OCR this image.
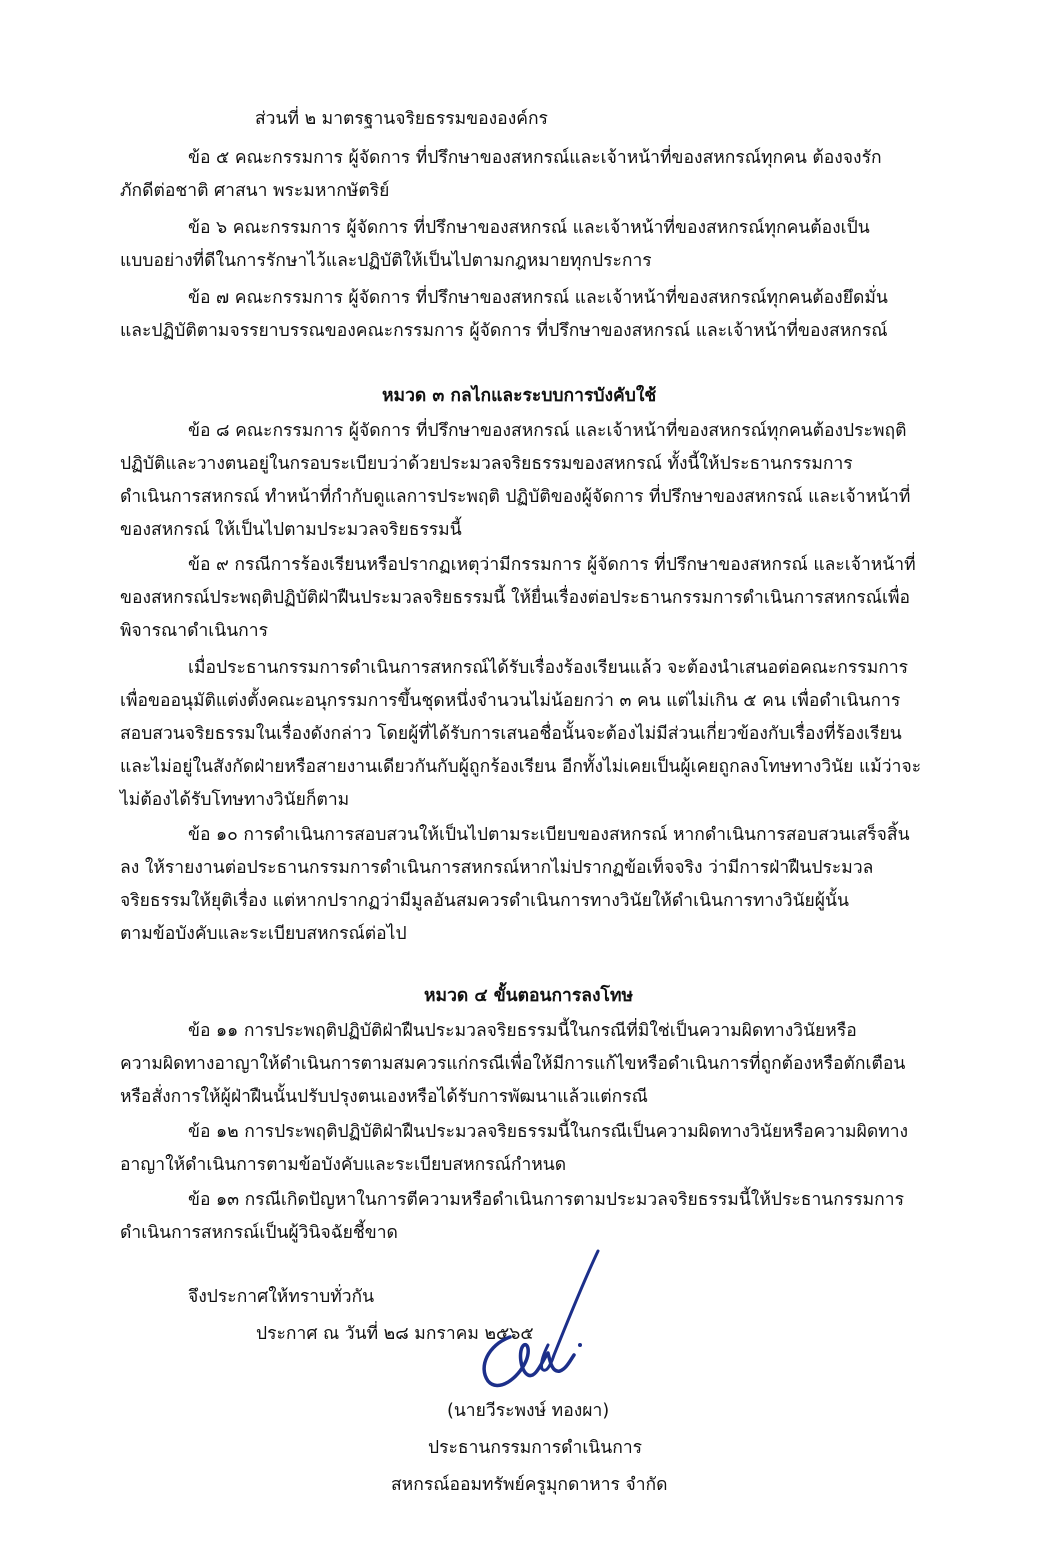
ส่วนที่ ๒ มาตรฐานจริยธรรมขององค์กร
ข้อ ๕ คณะกรรมการ ผู้จัดการ ที่ปรึกษาของสหกรณ์และเจ้าหน้าที่ของสหกรณ์ทุกคน ต้องจงรัก
ภักดีต่อชาติ ศาสนา พระมหากษัตริย์
ข้อ ๖ คณะกรรมการ ผู้จัดการ ที่ปรึกษาของสหกรณ์ และเจ้าหน้าที่ของสหกรณ์ทุกคนต้องเป็น
แบบอย่างที่ดีในการรักษาไว้และปฏิบัติให้เป็นไปตามกฎหมายทุกประการ
ข้อ ๗ คณะกรรมการ ผู้จัดการ ที่ปรึกษาของสหกรณ์ และเจ้าหน้าที่ของสหกรณ์ทุกคนต้องยึดมั่น
และปฏิบัติตามจรรยาบรรณของคณะกรรมการ ผู้จัดการ ที่ปรึกษาของสหกรณ์ และเจ้าหน้าที่ของสหกรณ์
หมวด ๓ กลไกและระบบการบังคับใช้
ข้อ ๘ คณะกรรมการ ผู้จัดการ ที่ปรึกษาของสหกรณ์ และเจ้าหน้าที่ของสหกรณ์ทุกคนต้องประพฤติ
ปฏิบัติและวางตนอยู่ในกรอบระเบียบว่าด้วยประมวลจริยธรรมของสหกรณ์ ทั้งนี้ให้ประธานกรรมการ
ดำเนินการสหกรณ์ ทำหน้าที่กำกับดูแลการประพฤติ ปฏิบัติของผู้จัดการ ที่ปรึกษาของสหกรณ์ และเจ้าหน้าที่
ของสหกรณ์ ให้เป็นไปตามประมวลจริยธรรมนี้
ข้อ ๙ กรณีการร้องเรียนหรือปรากฏเหตุว่ามีกรรมการ ผู้จัดการ ที่ปรึกษาของสหกรณ์ และเจ้าหน้าที่
ของสหกรณ์ประพฤติปฏิบัติฝ่าฝืนประมวลจริยธรรมนี้ ให้ยื่นเรื่องต่อประธานกรรมการดำเนินการสหกรณ์เพื่อ
พิจารณาดำเนินการ
เมื่อประธานกรรมการดำเนินการสหกรณ์ได้รับเรื่องร้องเรียนแล้ว จะต้องนำเสนอต่อคณะกรรมการ
เพื่อขออนุมัติแต่งตั้งคณะอนุกรรมการขึ้นชุดหนึ่งจำนวนไม่น้อยกว่า ๓ คน แต่ไม่เกิน ๕ คน เพื่อดำเนินการ
สอบสวนจริยธรรมในเรื่องดังกล่าว โดยผู้ที่ได้รับการเสนอชื่อนั้นจะต้องไม่มีส่วนเกี่ยวข้องกับเรื่องที่ร้องเรียน
และไม่อยู่ในสังกัดฝ่ายหรือสายงานเดียวกันกับผู้ถูกร้องเรียน อีกทั้งไม่เคยเป็นผู้เคยถูกลงโทษทางวินัย แม้ว่าจะ
ไม่ต้องได้รับโทษทางวินัยก็ตาม
ข้อ ๑๐ การดำเนินการสอบสวนให้เป็นไปตามระเบียบของสหกรณ์ หากดำเนินการสอบสวนเสร็จสิ้น
ลง ให้รายงานต่อประธานกรรมการดำเนินการสหกรณ์หากไม่ปรากฏข้อเท็จจริง ว่ามีการฝ่าฝืนประมวล
จริยธรรมให้ยุติเรื่อง แต่หากปรากฏว่ามีมูลอันสมควรดำเนินการทางวินัยให้ดำเนินการทางวินัยผู้นั้น
ตามข้อบังคับและระเบียบสหกรณ์ต่อไป
หมวด ๔ ขั้นตอนการลงโทษ
ข้อ ๑๑ การประพฤติปฏิบัติฝ่าฝืนประมวลจริยธรรมนี้ในกรณีที่มิใช่เป็นความผิดทางวินัยหรือ
ความผิดทางอาญาให้ดำเนินการตามสมควรแก่กรณีเพื่อให้มีการแก้ไขหรือดำเนินการที่ถูกต้องหรือตักเตือน
หรือสั่งการให้ผู้ฝ่าฝืนนั้นปรับปรุงตนเองหรือได้รับการพัฒนาแล้วแต่กรณี
ข้อ ๑๒ การประพฤติปฏิบัติฝ่าฝืนประมวลจริยธรรมนี้ในกรณีเป็นความผิดทางวินัยหรือความผิดทาง
อาญาให้ดำเนินการตามข้อบังคับและระเบียบสหกรณ์กำหนด
ข้อ ๑๓ กรณีเกิดปัญหาในการตีความหรือดำเนินการตามประมวลจริยธรรมนี้ให้ประธานกรรมการ
ดำเนินการสหกรณ์เป็นผู้วินิจฉัยชี้ขาด
จึงประกาศให้ทราบทั่วกัน
ประกาศ ณ วันที่ ๒๘ มกราคม ๒๕๖๕
(นายวีระพงษ์ ทองผา)
ประธานกรรมการดำเนินการ
สหกรณ์ออมทรัพย์ครูมุกดาหาร จำกัด
